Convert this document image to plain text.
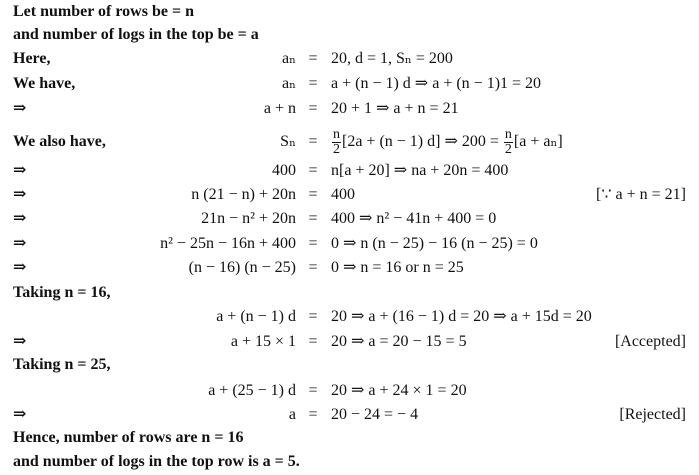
Let number of rows be = n
and number of logs in the top be = a
Here,	aₙ = 20, d = 1, Sₙ = 200
We have,	aₙ = a + (n − 1) d ⇒ a + (n − 1)1 = 20
⇒	a + n = 20 + 1 ⇒ a + n = 21
We also have,	$S_n = \frac{n}{2} [2a + (n - 1)$ d] ⇒ $200 = \frac{n}{2} [a + a_n]$
⇒	400 = n[a + 20] ⇒ na + 20n = 400
⇒	n (21 − n) + 20n = 400	[∵ a + n = 21]
⇒	21n − n² + 20n = 400 ⇒ n² − 41n + 400 = 0
⇒	n² − 25n − 16n + 400 = 0 ⇒ n (n − 25) − 16 (n − 25) = 0
⇒	(n − 16) (n − 25) = 0 ⇒ n = 16 or n = 25
Taking n = 16,
a + (n − 1) d = 20 ⇒ a + (16 − 1) d = 20 ⇒ a + 15d = 20
⇒	a + 15 × 1 = 20 ⇒ a = 20 − 15 = 5	[Accepted]
Taking n = 25,
a + (25 − 1) d = 20 ⇒ a + 24 × 1 = 20
⇒	a = 20 − 24 = − 4	[Rejected]
Hence, number of rows are n = 16
and number of logs in the top row is a = 5.
